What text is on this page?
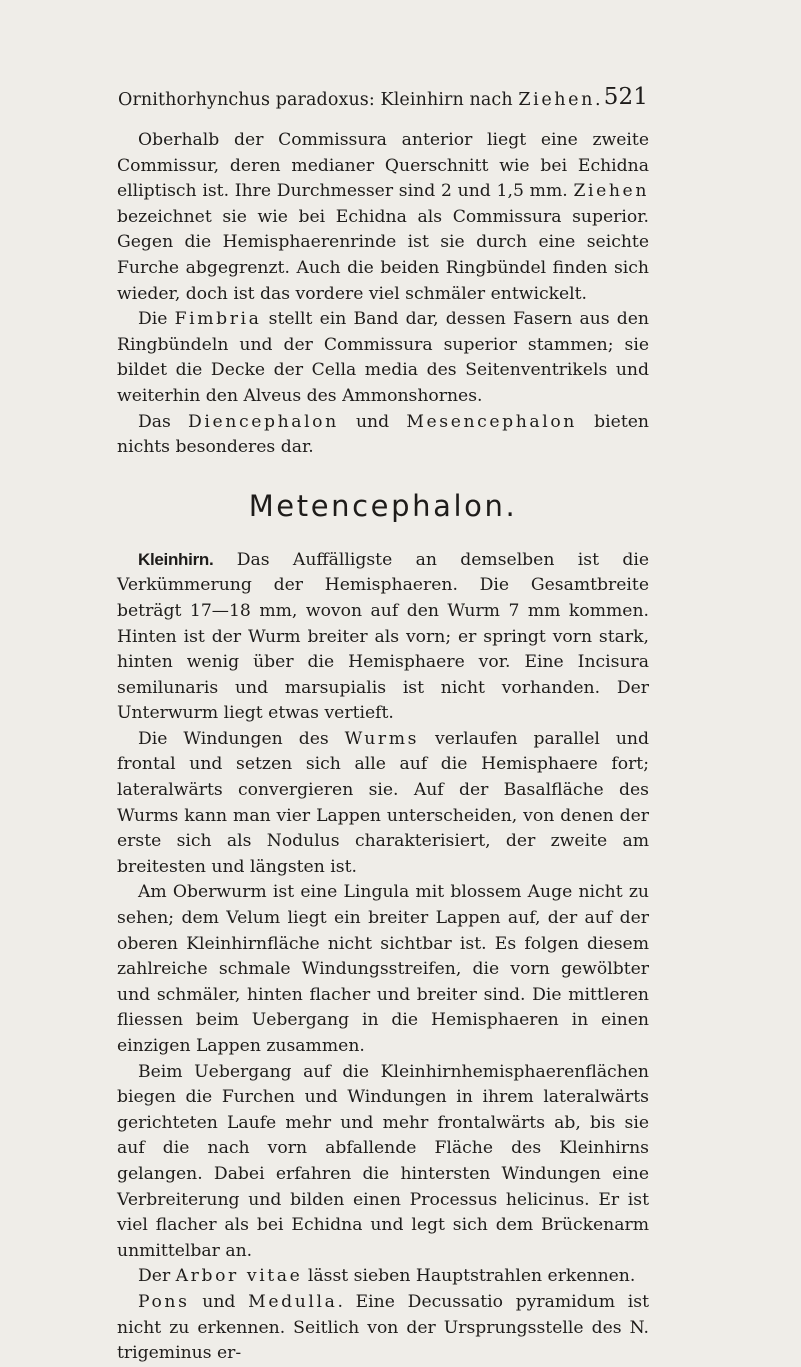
Ornithorhynchus paradoxus: Kleinhirn nach Ziehen. 521

Oberhalb der Commissura anterior liegt eine zweite Commissur, deren medianer Querschnitt wie bei Echidna elliptisch ist. Ihre Durchmesser sind 2 und 1,5 mm. Ziehen bezeichnet sie wie bei Echidna als Commissura superior. Gegen die Hemisphaerenrinde ist sie durch eine seichte Furche abgegrenzt. Auch die beiden Ringbündel finden sich wieder, doch ist das vordere viel schmäler entwickelt.

Die Fimbria stellt ein Band dar, dessen Fasern aus den Ringbündeln und der Commissura superior stammen; sie bildet die Decke der Cella media des Seitenventrikels und weiterhin den Alveus des Ammonshornes.

Das Diencephalon und Mesencephalon bieten nichts besonderes dar.

Metencephalon.

Kleinhirn. Das Auffälligste an demselben ist die Verkümmerung der Hemisphaeren. Die Gesamtbreite beträgt 17—18 mm, wovon auf den Wurm 7 mm kommen. Hinten ist der Wurm breiter als vorn; er springt vorn stark, hinten wenig über die Hemisphaere vor. Eine Incisura semilunaris und marsupialis ist nicht vorhanden. Der Unterwurm liegt etwas vertieft.

Die Windungen des Wurms verlaufen parallel und frontal und setzen sich alle auf die Hemisphaere fort; lateralwärts convergieren sie. Auf der Basalfläche des Wurms kann man vier Lappen unterscheiden, von denen der erste sich als Nodulus charakterisiert, der zweite am breitesten und längsten ist.

Am Oberwurm ist eine Lingula mit blossem Auge nicht zu sehen; dem Velum liegt ein breiter Lappen auf, der auf der oberen Kleinhirnfläche nicht sichtbar ist. Es folgen diesem zahlreiche schmale Windungsstreifen, die vorn gewölbter und schmäler, hinten flacher und breiter sind. Die mittleren fliessen beim Uebergang in die Hemisphaeren in einen einzigen Lappen zusammen.

Beim Uebergang auf die Kleinhirnhemisphaerenflächen biegen die Furchen und Windungen in ihrem lateralwärts gerichteten Laufe mehr und mehr frontalwärts ab, bis sie auf die nach vorn abfallende Fläche des Kleinhirns gelangen. Dabei erfahren die hintersten Windungen eine Verbreiterung und bilden einen Processus helicinus. Er ist viel flacher als bei Echidna und legt sich dem Brückenarm unmittelbar an.

Der Arbor vitae lässt sieben Hauptstrahlen erkennen.

Pons und Medulla. Eine Decussatio pyramidum ist nicht zu erkennen. Seitlich von der Ursprungsstelle des N. trigeminus er-
